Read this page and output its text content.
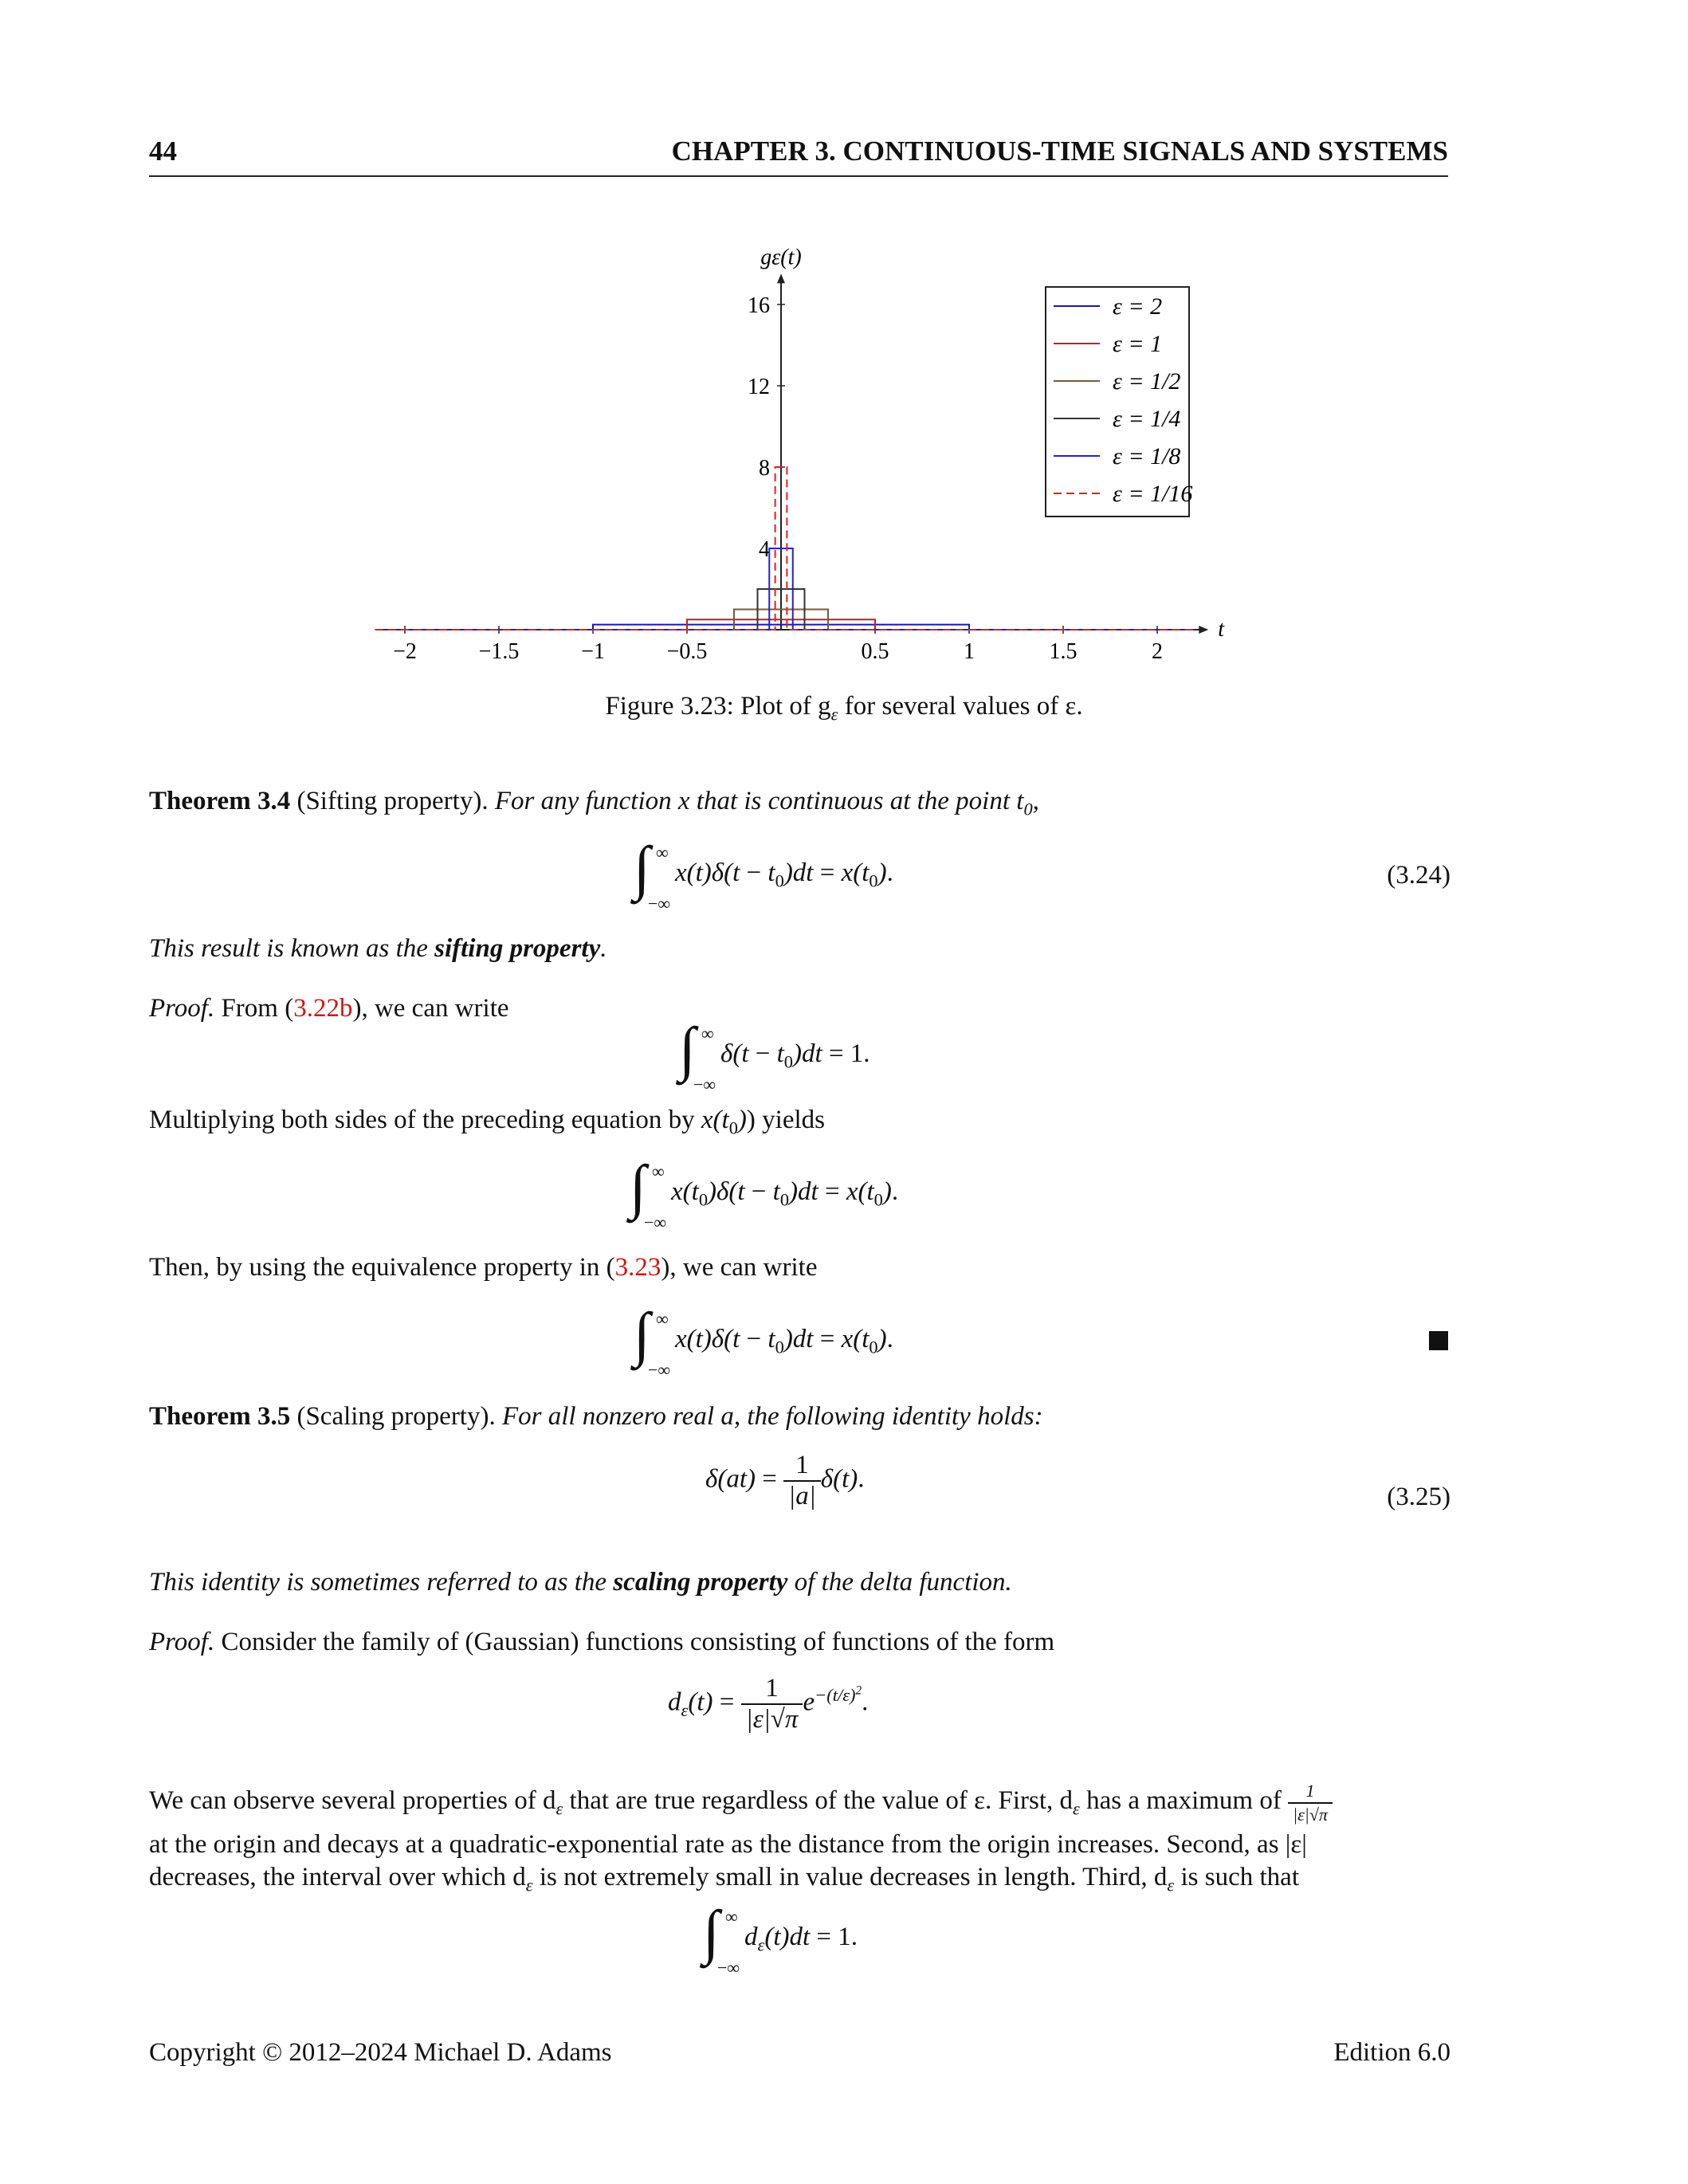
44	CHAPTER 3. CONTINUOUS-TIME SIGNALS AND SYSTEMS
t
gε(t)
−2	−1.5	−1	−0.5	0.5	1	1.5	2
4
8
12
16	ε = 2
ε = 1
ε = 1/2
ε = 1/4
ε = 1/8
ε = 1/16
Figure 3.23: Plot of $g_\varepsilon$ for several values of ε.
Theorem 3.4 (Sifting property). For any function x that is continuous at the point $t_0$,
∫ ∞
−∞
$x(t)\delta(t - t_0)dt = x(t_0)$.	(3.24)
This result is known as the sifting property.
Proof. From (3.22b), we can write
∫ ∞
−∞
$\delta(t - t_0)dt = 1$.
Multiplying both sides of the preceding equation by $x(t_0)$) yields
∫ ∞
−∞
$x(t_0)\delta(t - t_0)dt = x(t_0)$.
Then, by using the equivalence property in (3.23), we can write
∫ ∞
−∞
$x(t)\delta(t - t_0)dt = x(t_0)$.
Theorem 3.5 (Scaling property). For all nonzero real a, the following identity holds:
$\delta(at) = \frac{1}{|a|} \delta(t)$.
(3.25)
This identity is sometimes referred to as the scaling property of the delta function.
Proof. Consider the family of (Gaussian) functions consisting of functions of the form
$d_\varepsilon(t) = \frac{1}{|\varepsilon|√\pi} e^{-(t/\varepsilon)^2}$.
We can observe several properties of $d_\varepsilon$ that are true regardless of the value of ε. First, $d_\varepsilon$ has a maximum of $\frac{1}{|\varepsilon|√\pi}$
at the origin and decays at a quadratic-exponential rate as the distance from the origin increases. Second, as |ε|
decreases, the interval over which $d_\varepsilon$ is not extremely small in value decreases in length. Third, $d_\varepsilon$ is such that
∫ ∞
−∞
$d_\varepsilon(t)dt = 1$.
Copyright © 2012–2024 Michael D. Adams	Edition 6.0
